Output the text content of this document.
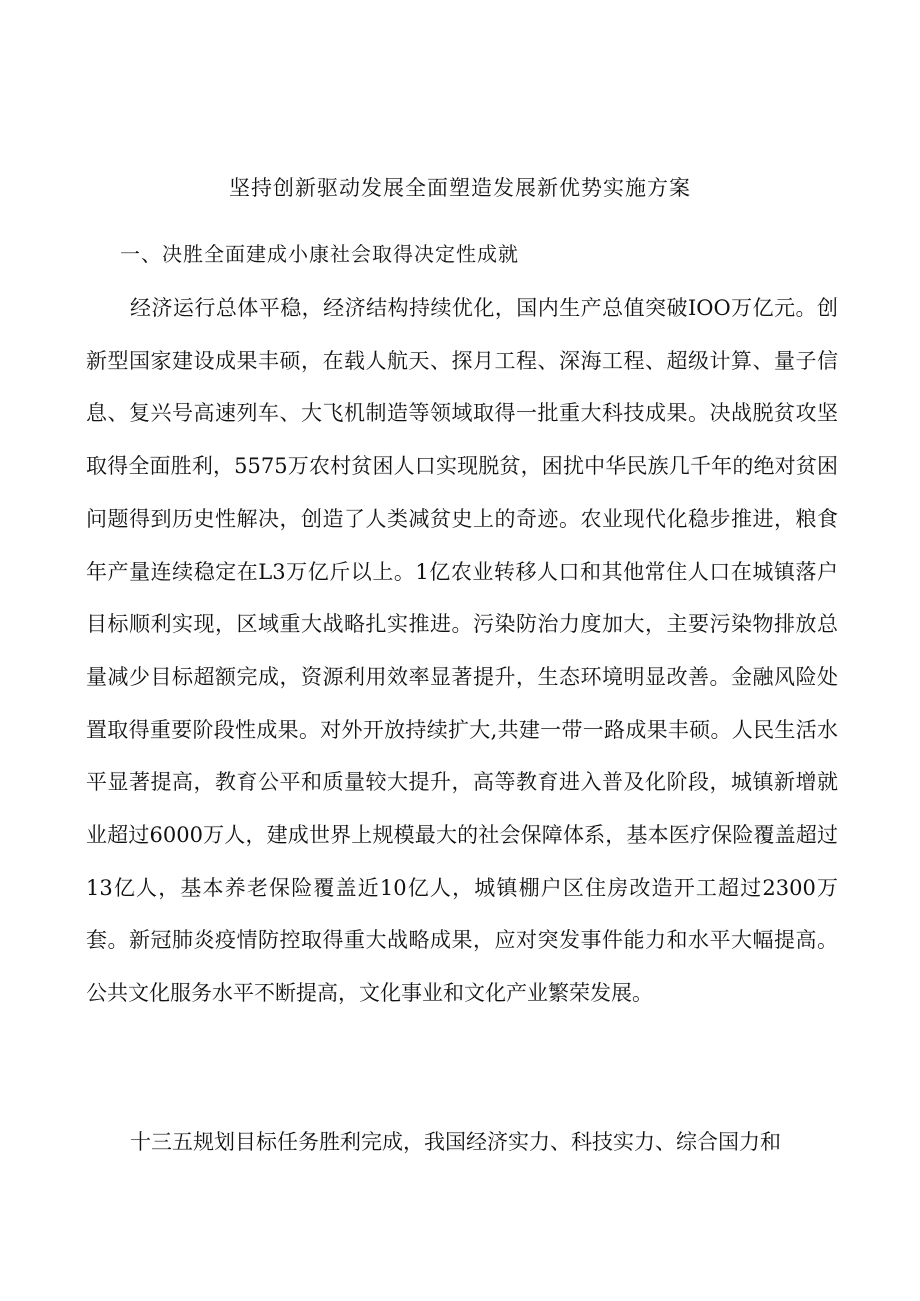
坚持创新驱动发展全面塑造发展新优势实施方案
一、决胜全面建成小康社会取得决定性成就

经济运行总体平稳，经济结构持续优化，国内生产总值突破IOO万亿元。创新型国家建设成果丰硕，在载人航天、探月工程、深海工程、超级计算、量子信息、复兴号高速列车、大飞机制造等领域取得一批重大科技成果。决战脱贫攻坚取得全面胜利，5575万农村贫困人口实现脱贫，困扰中华民族几千年的绝对贫困问题得到历史性解决，创造了人类减贫史上的奇迹。农业现代化稳步推进，粮食年产量连续稳定在L3万亿斤以上。1亿农业转移人口和其他常住人口在城镇落户目标顺利实现，区域重大战略扎实推进。污染防治力度加大，主要污染物排放总量减少目标超额完成，资源利用效率显著提升，生态环境明显改善。金融风险处置取得重要阶段性成果。对外开放持续扩大,共建一带一路成果丰硕。人民生活水平显著提高，教育公平和质量较大提升，高等教育进入普及化阶段，城镇新增就业超过6000万人，建成世界上规模最大的社会保障体系，基本医疗保险覆盖超过13亿人，基本养老保险覆盖近10亿人，城镇棚户区住房改造开工超过2300万套。新冠肺炎疫情防控取得重大战略成果，应对突发事件能力和水平大幅提高。公共文化服务水平不断提高，文化事业和文化产业繁荣发展。

十三五规划目标任务胜利完成，我国经济实力、科技实力、综合国力和
